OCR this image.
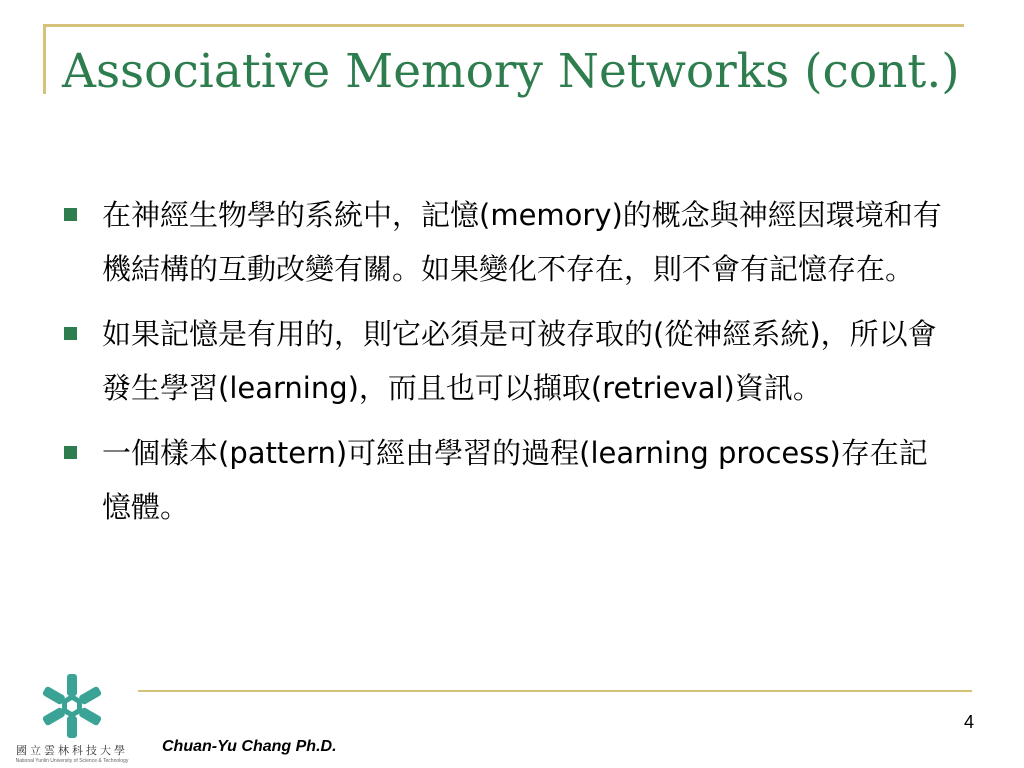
Associative Memory Networks (cont.)
在神經生物學的系統中，記憶(memory)的概念與神經因環境和有機結構的互動改變有關。如果變化不存在，則不會有記憶存在。
如果記憶是有用的，則它必須是可被存取的(從神經系統)，所以會發生學習(learning)，而且也可以擷取(retrieval)資訊。
一個樣本(pattern)可經由學習的過程(learning process)存在記憶體。
4
Chuan-Yu Chang Ph.D.
國立雲林科技大學
National Yunlin University of Science & Technology
